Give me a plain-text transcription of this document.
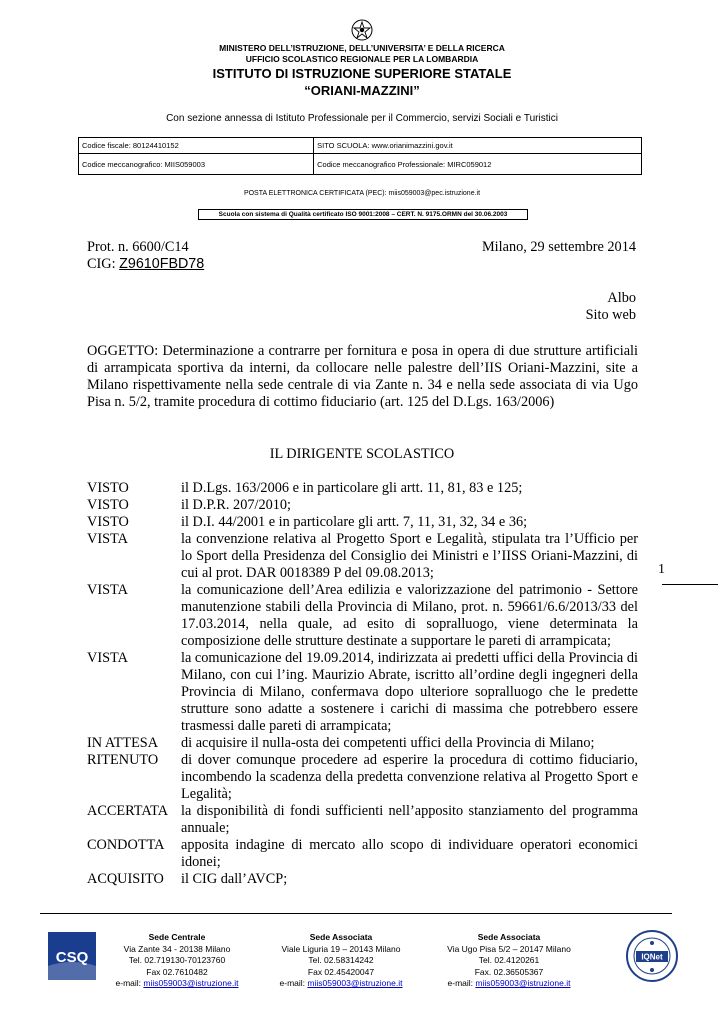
MINISTERO DELL’ISTRUZIONE, DELL’UNIVERSITA’ E DELLA RICERCA
UFFICIO SCOLASTICO REGIONALE PER LA LOMBARDIA
ISTITUTO DI ISTRUZIONE SUPERIORE STATALE
“ORIANI-MAZZINI”
Con sezione annessa di Istituto Professionale per il Commercio, servizi Sociali e Turistici
Codice fiscale: 80124410152	SITO SCUOLA: www.orianimazzini.gov.it
Codice meccanografico: MIIS059003	Codice meccanografico Professionale: MIRC059012
POSTA ELETTRONICA CERTIFICATA (PEC): miis059003@pec.istruzione.it
Scuola con sistema di Qualità certificato ISO 9001:2008 – CERT. N. 9175.ORMN del 30.06.2003
Prot. n. 6600/C14	Milano, 29 settembre 2014
CIG: Z9610FBD78
Albo
Sito web
OGGETTO: Determinazione a contrarre per fornitura e posa in opera di due strutture artificiali di arrampicata sportiva da interni, da collocare nelle palestre dell’IIS Oriani-Mazzini, site a Milano rispettivamente nella sede centrale di via Zante n. 34 e nella sede associata di via Ugo Pisa n. 5/2, tramite procedura di cottimo fiduciario (art. 125 del D.Lgs. 163/2006)
IL DIRIGENTE SCOLASTICO
VISTO	il D.Lgs. 163/2006 e in particolare gli artt. 11, 81, 83 e 125;
VISTO	il D.P.R. 207/2010;
VISTO	il D.I. 44/2001 e in particolare gli artt. 7, 11, 31, 32, 34 e 36;
VISTA	la convenzione relativa al Progetto Sport e Legalità, stipulata tra l’Ufficio per lo Sport della Presidenza del Consiglio dei Ministri e l’IISS Oriani-Mazzini, di cui al prot. DAR 0018389 P del 09.08.2013;
VISTA	la comunicazione dell’Area edilizia e valorizzazione del patrimonio - Settore manutenzione stabili della Provincia di Milano, prot. n. 59661/6.6/2013/33 del 17.03.2014, nella quale, ad esito di sopralluogo, viene determinata la composizione delle strutture destinate a supportare le pareti di arrampicata;
VISTA	la comunicazione del 19.09.2014, indirizzata ai predetti uffici della Provincia di Milano, con cui l’ing. Maurizio Abrate, iscritto all’ordine degli ingegneri della Provincia di Milano, confermava dopo ulteriore sopralluogo che le predette strutture sono adatte a sostenere i carichi di massima che potrebbero essere trasmessi dalle pareti di arrampicata;
IN ATTESA	di acquisire il nulla-osta dei competenti uffici della Provincia di Milano;
RITENUTO	di dover comunque procedere ad esperire la procedura di cottimo fiduciario, incombendo la scadenza della predetta convenzione relativa al Progetto Sport e Legalità;
ACCERTATA la disponibilità di fondi sufficienti nell’apposito stanziamento del programma annuale;
CONDOTTA	apposita indagine di mercato allo scopo di individuare operatori economici idonei;
ACQUISITO	il CIG dall’AVCP;
1
CSQ
Sede Centrale
Via Zante 34 - 20138 Milano
Tel. 02.719130-70123760
Fax 02.7610482
e-mail: miis059003@istruzione.it
Sede Associata
Viale Liguria 19 – 20143 Milano
Tel. 02.58314242
Fax 02.45420047
e-mail: miis059003@istruzione.it
Sede Associata
Via Ugo Pisa 5/2 – 20147 Milano
Tel. 02.4120261
Fax. 02.36505367
e-mail: miis059003@istruzione.it
IQNet
